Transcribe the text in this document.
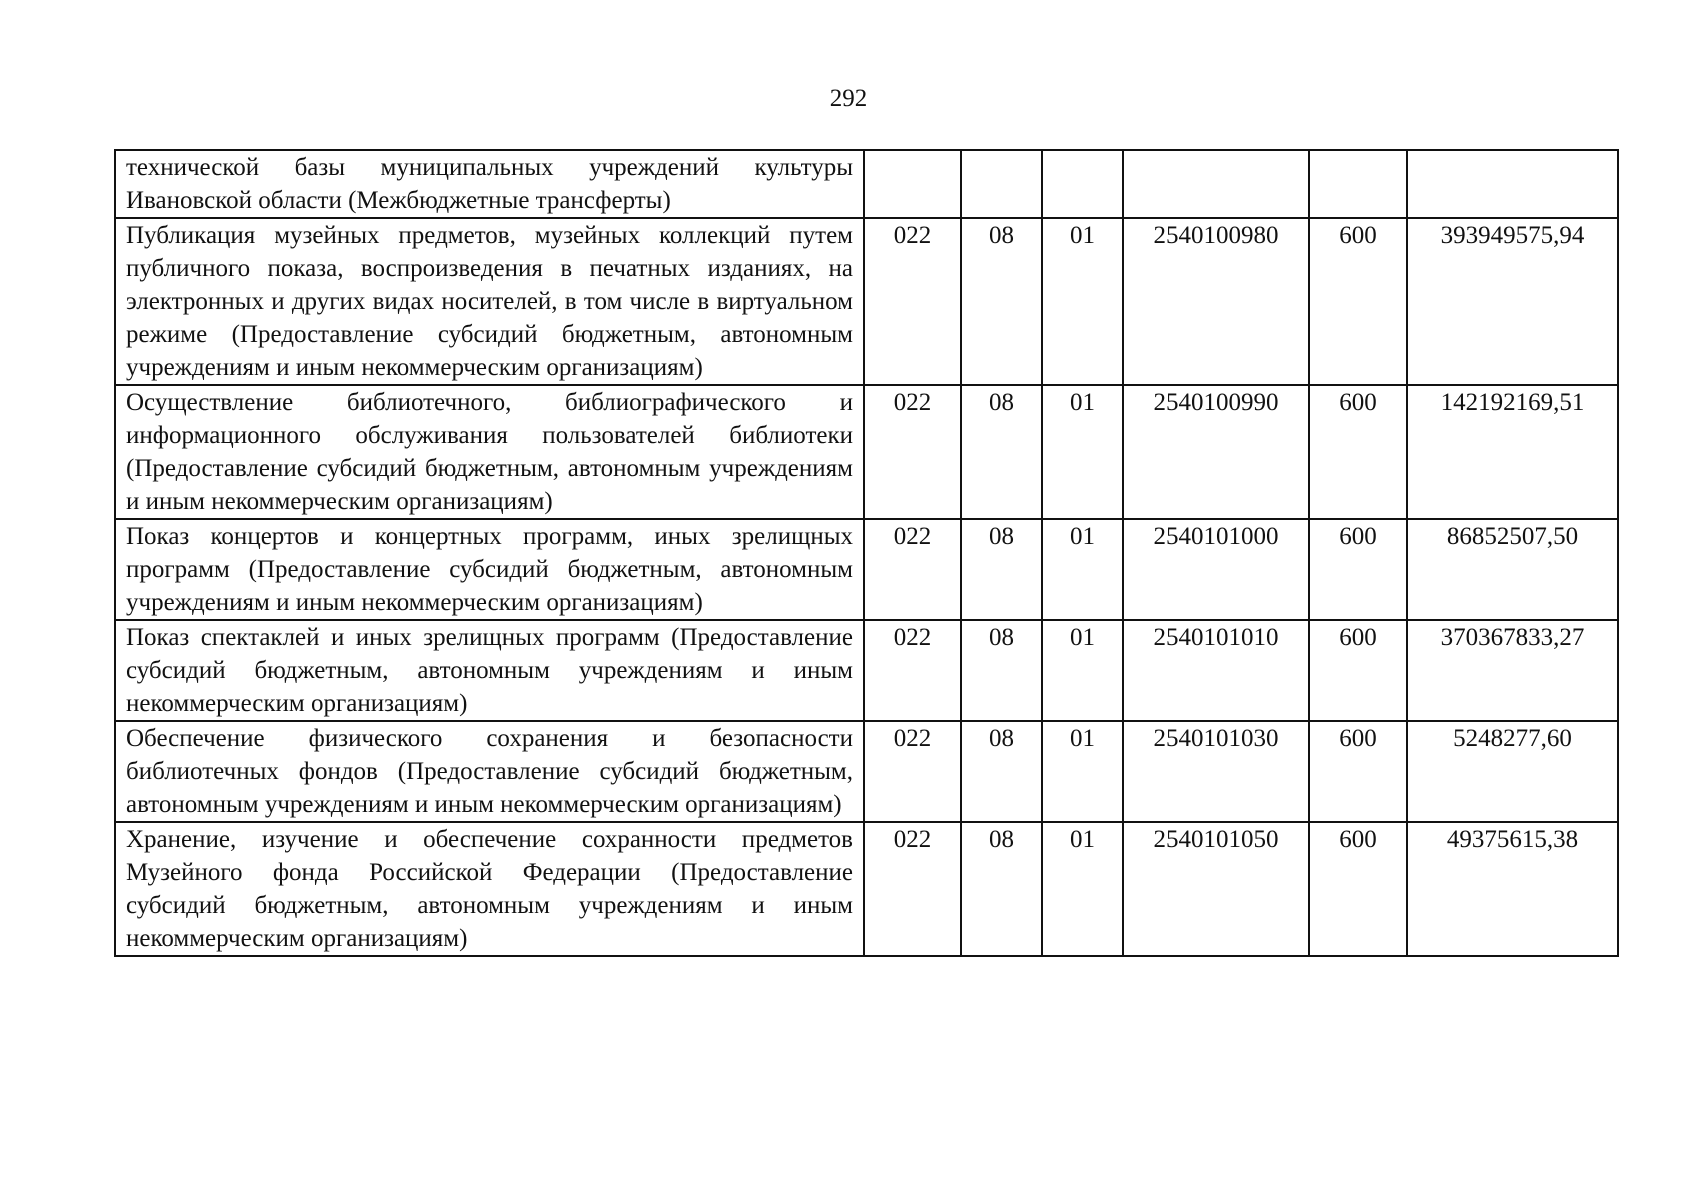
292
технической базы муниципальных учреждений культуры Ивановской области (Межбюджетные трансферты)						
Публикация музейных предметов, музейных коллекций путем публичного показа, воспроизведения в печатных изданиях, на электронных и других видах носителей, в том числе в виртуальном режиме (Предоставление субсидий бюджетным, автономным учреждениям и иным некоммерческим организациям)	022	08	01	2540100980	600	393949575,94
Осуществление библиотечного, библиографического и информационного обслуживания пользователей библиотеки (Предоставление субсидий бюджетным, автономным учреждениям и иным некоммерческим организациям)	022	08	01	2540100990	600	142192169,51
Показ концертов и концертных программ, иных зрелищных программ (Предоставление субсидий бюджетным, автономным учреждениям и иным некоммерческим организациям)	022	08	01	2540101000	600	86852507,50
Показ спектаклей и иных зрелищных программ (Предоставление субсидий бюджетным, автономным учреждениям и иным некоммерческим организациям)	022	08	01	2540101010	600	370367833,27
Обеспечение физического сохранения и безопасности библиотечных фондов (Предоставление субсидий бюджетным, автономным учреждениям и иным некоммерческим организациям)	022	08	01	2540101030	600	5248277,60
Хранение, изучение и обеспечение сохранности предметов Музейного фонда Российской Федерации (Предоставление субсидий бюджетным, автономным учреждениям и иным некоммерческим организациям)	022	08	01	2540101050	600	49375615,38
